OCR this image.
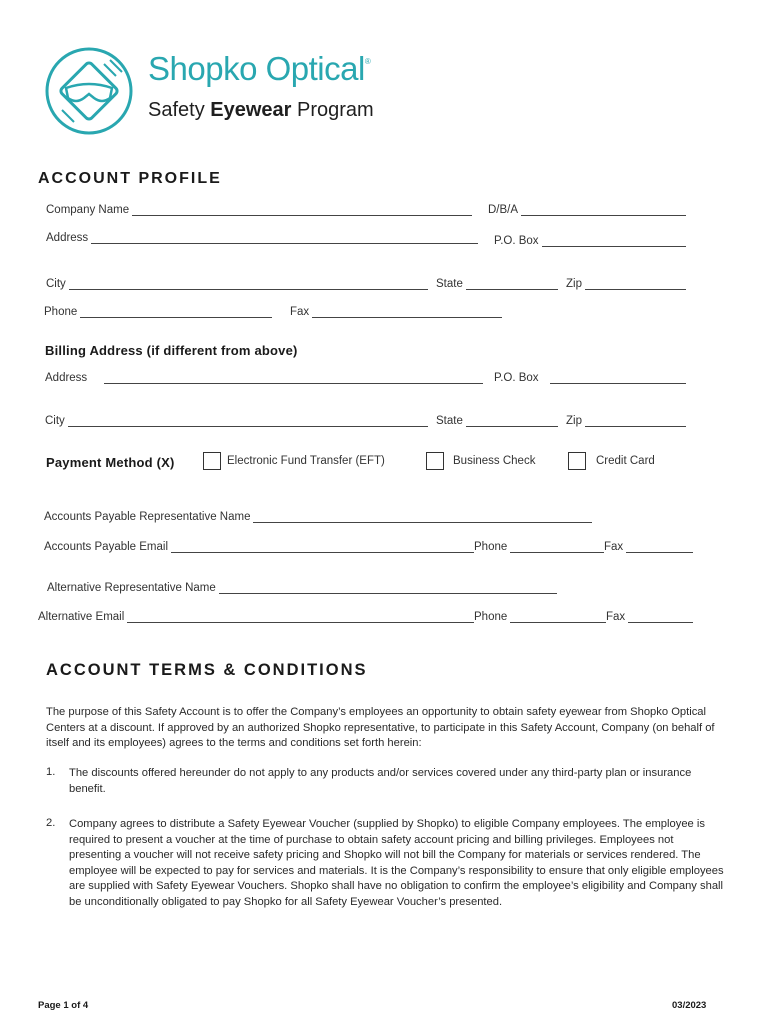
Shopko Optical®
Safety Eyewear Program
ACCOUNT PROFILE
Company Name	D/B/A
Address	P.O. Box
City	State	Zip
Phone	Fax
Billing Address (if different from above)
Address	P.O. Box
City	State	Zip
Payment Method (X)	Electronic Fund Transfer (EFT)	Business Check	Credit Card
Accounts Payable Representative Name
Accounts Payable Email	Phone	Fax
Alternative Representative Name
Alternative Email	Phone	Fax
ACCOUNT TERMS & CONDITIONS
The purpose of this Safety Account is to offer the Company’s employees an opportunity to obtain safety eyewear from Shopko Optical Centers at a discount. If approved by an authorized Shopko representative, to participate in this Safety Account, Company (on behalf of itself and its employees) agrees to the terms and conditions set forth herein:
1. The discounts offered hereunder do not apply to any products and/or services covered under any third-party plan or insurance benefit.
2. Company agrees to distribute a Safety Eyewear Voucher (supplied by Shopko) to eligible Company employees. The employee is required to present a voucher at the time of purchase to obtain safety account pricing and billing privileges. Employees not presenting a voucher will not receive safety pricing and Shopko will not bill the Company for materials or services rendered. The employee will be expected to pay for services and materials. It is the Company’s responsibility to ensure that only eligible employees are supplied with Safety Eyewear Vouchers. Shopko shall have no obligation to confirm the employee’s eligibility and Company shall be unconditionally obligated to pay Shopko for all Safety Eyewear Voucher’s presented.
Page 1 of 4	03/2023
